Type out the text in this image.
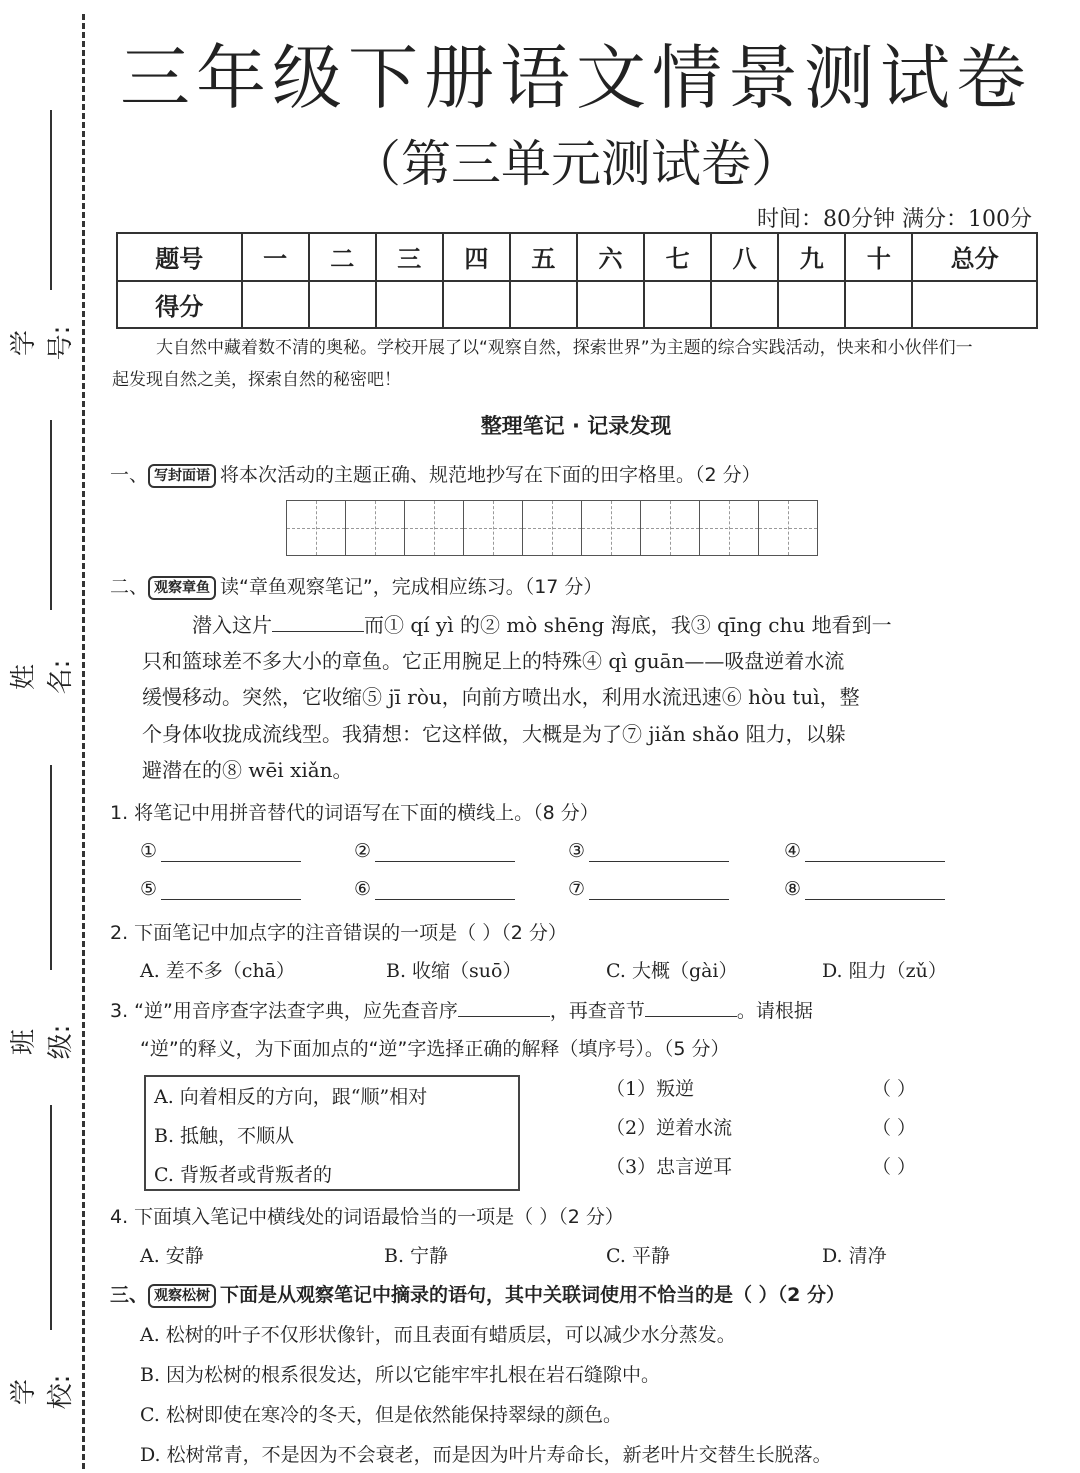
学号:
姓名:
班级:
学校:
三年级下册语文情景测试卷
（第三单元测试卷）
时间：80分钟 满分：100分
题号	一	二	三	四	五	六	七	八	九	十	总分
得分											
大自然中藏着数不清的奥秘。学校开展了以“观察自然，探索世界”为主题的综合实践活动，快来和小伙伴们一起发现自然之美，探索自然的秘密吧！
整理笔记 · 记录发现
一、 写封面语 将本次活动的主题正确、规范地抄写在下面的田字格里。（2 分）
二、 观察章鱼 读“章鱼观察笔记”，完成相应练习。（17 分）
潜入这片	而① qí yì 的② mò shēng 海底，我③ qīng chu 地看到一
只和篮球差不多大小的章鱼。它正用腕足上的特殊④ qì guān——吸盘逆着水流
缓慢移动。突然，它收缩⑤ jī ròu，向前方喷出水，利用水流迅速⑥ hòu tuì，整
个身体收拢成流线型。我猜想：它这样做，大概是为了⑦ jiǎn shǎo 阻力，以躲
避潜在的⑧ wēi xiǎn。
1. 将笔记中用拼音替代的词语写在下面的横线上。（8 分）
①	②	③	④
⑤	⑥	⑦	⑧
2. 下面笔记中加点字的注音错误的一项是（ ）（2 分）
A. 差不多（chā）	B. 收缩（suō）	C. 大概（gài）	D. 阻力（zǔ）
3. “逆”用音序查字法查字典，应先查音序	，再查音节	。请根据
“逆”的释义，为下面加点的“逆”字选择正确的解释（填序号）。（5 分）
A. 向着相反的方向，跟“顺”相对
B. 抵触，不顺从
C. 背叛者或背叛者的
（1）叛逆
（2）逆着水流
（3）忠言逆耳
（ ）
（ ）
（ ）
4. 下面填入笔记中横线处的词语最恰当的一项是（ ）（2 分）
A. 安静	B. 宁静	C. 平静	D. 清净
三、 观察松树 下面是从观察笔记中摘录的语句，其中关联词使用不恰当的是（ ）（2 分）
A. 松树的叶子不仅形状像针，而且表面有蜡质层，可以减少水分蒸发。
B. 因为松树的根系很发达，所以它能牢牢扎根在岩石缝隙中。
C. 松树即使在寒冷的冬天，但是依然能保持翠绿的颜色。
D. 松树常青，不是因为不会衰老，而是因为叶片寿命长，新老叶片交替生长脱落。
